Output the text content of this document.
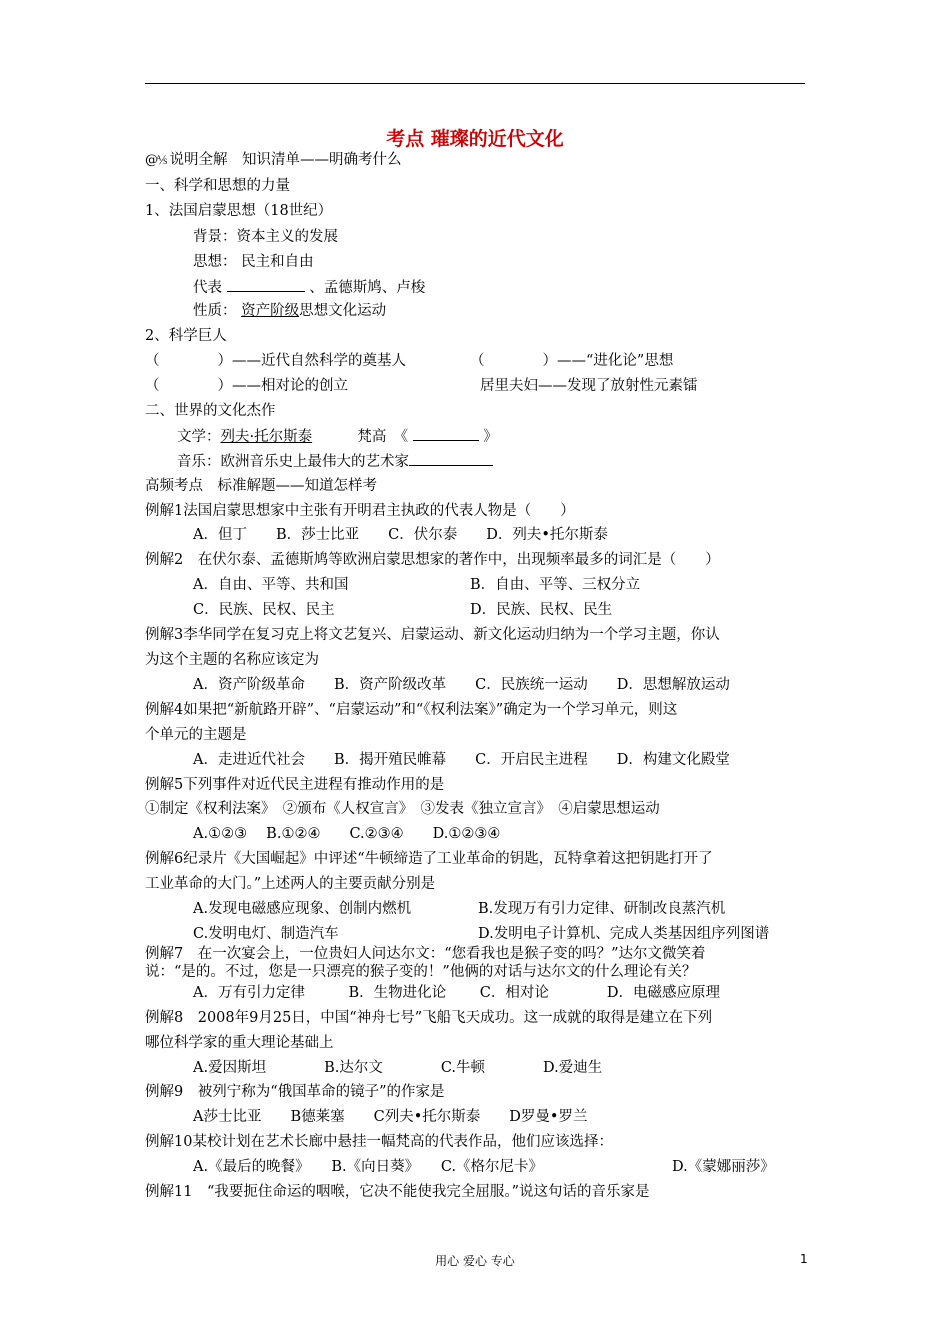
考点 璀璨的近代文化
@⅍ 说明全解　知识清单——明确考什么
一、科学和思想的力量
1、法国启蒙思想（18世纪）
背景：资本主义的发展
思想： 民主和自由
代表	、孟德斯鸠、卢梭
性质： 资产阶级思想文化运动
2、科学巨人
（　　　　）——近代自然科学的奠基人	（　　　　）——“进化论”思想
（　　　　）——相对论的创立	居里夫妇——发现了放射性元素镭
二、世界的文化杰作
文学：列夫·托尔斯泰	梵高　《	》
音乐：欧洲音乐史上最伟大的艺术家
高频考点　标准解题——知道怎样考
例解1法国启蒙思想家中主张有开明君主执政的代表人物是（　　）
A．但丁　　B．莎士比亚　　C．伏尔泰　　D．列夫•托尔斯泰
例解2　在伏尔泰、孟德斯鸠等欧洲启蒙思想家的著作中，出现频率最多的词汇是（　　）
A．自由、平等、共和国	B．自由、平等、三权分立
C．民族、民权、民主	D．民族、民权、民生
例解3李华同学在复习克上将文艺复兴、启蒙运动、新文化运动归纳为一个学习主题，你认
为这个主题的名称应该定为
A．资产阶级革命　　B．资产阶级改革　　C．民族统一运动　　D．思想解放运动
例解4如果把“新航路开辟”、“启蒙运动”和“《权利法案》”确定为一个学习单元，则这
个单元的主题是
A．走进近代社会　　B．揭开殖民帷幕　　C．开启民主进程　　D．构建文化殿堂
例解5下列事件对近代民主进程有推动作用的是
①制定《权利法案》　②颁布《人权宣言》　③发表《独立宣言》　④启蒙思想运动
A.①②③　 B.①②④　　C.②③④　　D.①②③④
例解6纪录片《大国崛起》中评述“牛顿缔造了工业革命的钥匙，瓦特拿着这把钥匙打开了
工业革命的大门。”上述两人的主要贡献分别是
A.发现电磁感应现象、创制内燃机	B.发现万有引力定律、研制改良蒸汽机
C.发明电灯、制造汽车	D.发明电子计算机、完成人类基因组序列图谱
例解7　在一次宴会上，一位贵妇人问达尔文：“您看我也是猴子变的吗？”达尔文微笑着
说：“是的。不过，您是一只漂亮的猴子变的！”他俩的对话与达尔文的什么理论有关？
A．万有引力定律　　　B．生物进化论　　 C．相对论　　　　D．电磁感应原理
例解8　2008年9月25日，中国“神舟七号”飞船飞天成功。这一成就的取得是建立在下列
哪位科学家的重大理论基础上
A.爱因斯坦　　　　B.达尔文　　　　C.牛顿　　　　D.爱迪生
例解9　被列宁称为“俄国革命的镜子”的作家是
A莎士比亚　　B德莱塞　　C列夫•托尔斯泰　　D罗曼•罗兰
例解10某校计划在艺术长廊中悬挂一幅梵高的代表作品，他们应该选择：
A.《最后的晚餐》　　B.《向日葵》　　C.《格尔尼卡》	D.《蒙娜丽莎》
例解11　“我要扼住命运的咽喉，它决不能使我完全屈服。”说这句话的音乐家是
用心 爱心 专心	1
